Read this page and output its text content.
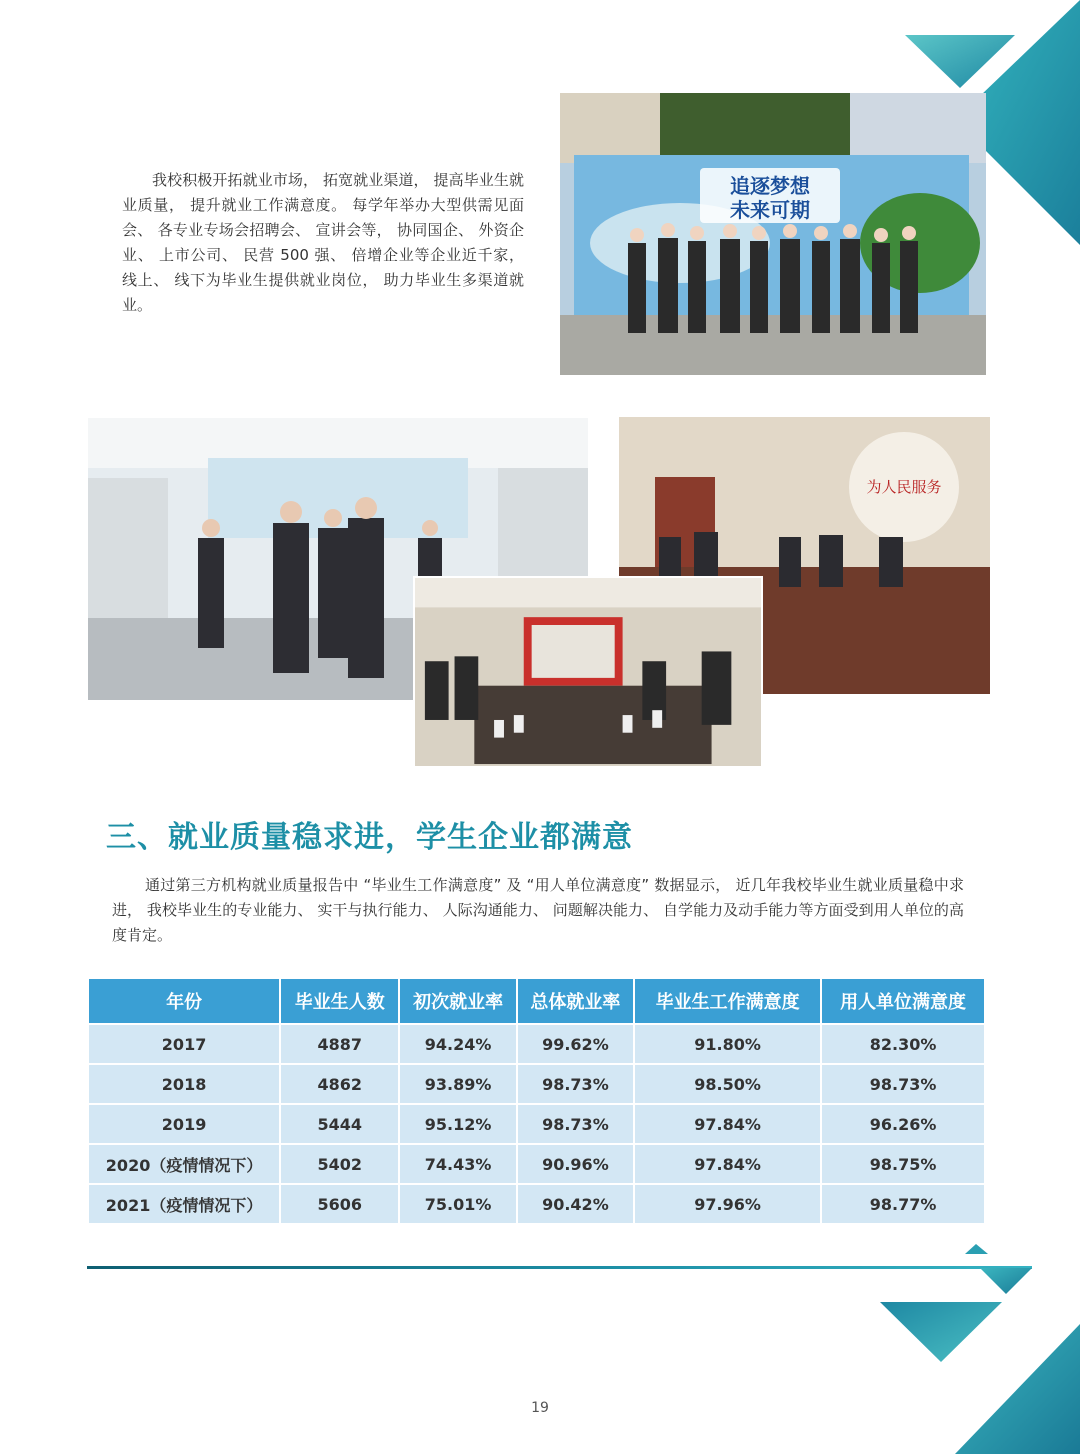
我校积极开拓就业市场， 拓宽就业渠道， 提高毕业生就业质量， 提升就业工作满意度。 每学年举办大型供需见面会、 各专业专场会招聘会、 宣讲会等， 协同国企、 外资企业、 上市公司、 民营 500 强、 倍增企业等企业近千家， 线上、 线下为毕业生提供就业岗位， 助力毕业生多渠道就业。

追逐梦想
未来可期
为人民服务
三、就业质量稳求进，学生企业都满意

通过第三方机构就业质量报告中 “毕业生工作满意度” 及 “用人单位满意度” 数据显示， 近几年我校毕业生就业质量稳中求进， 我校毕业生的专业能力、 实干与执行能力、 人际沟通能力、 问题解决能力、 自学能力及动手能力等方面受到用人单位的高度肯定。

年份	毕业生人数	初次就业率	总体就业率	毕业生工作满意度	用人单位满意度
2017	4887	94.24%	99.62%	91.80%	82.30%
2018	4862	93.89%	98.73%	98.50%	98.73%
2019	5444	95.12%	98.73%	97.84%	96.26%
2020（疫情情况下）	5402	74.43%	90.96%	97.84%	98.75%
2021（疫情情况下）	5606	75.01%	90.42%	97.96%	98.77%
19
